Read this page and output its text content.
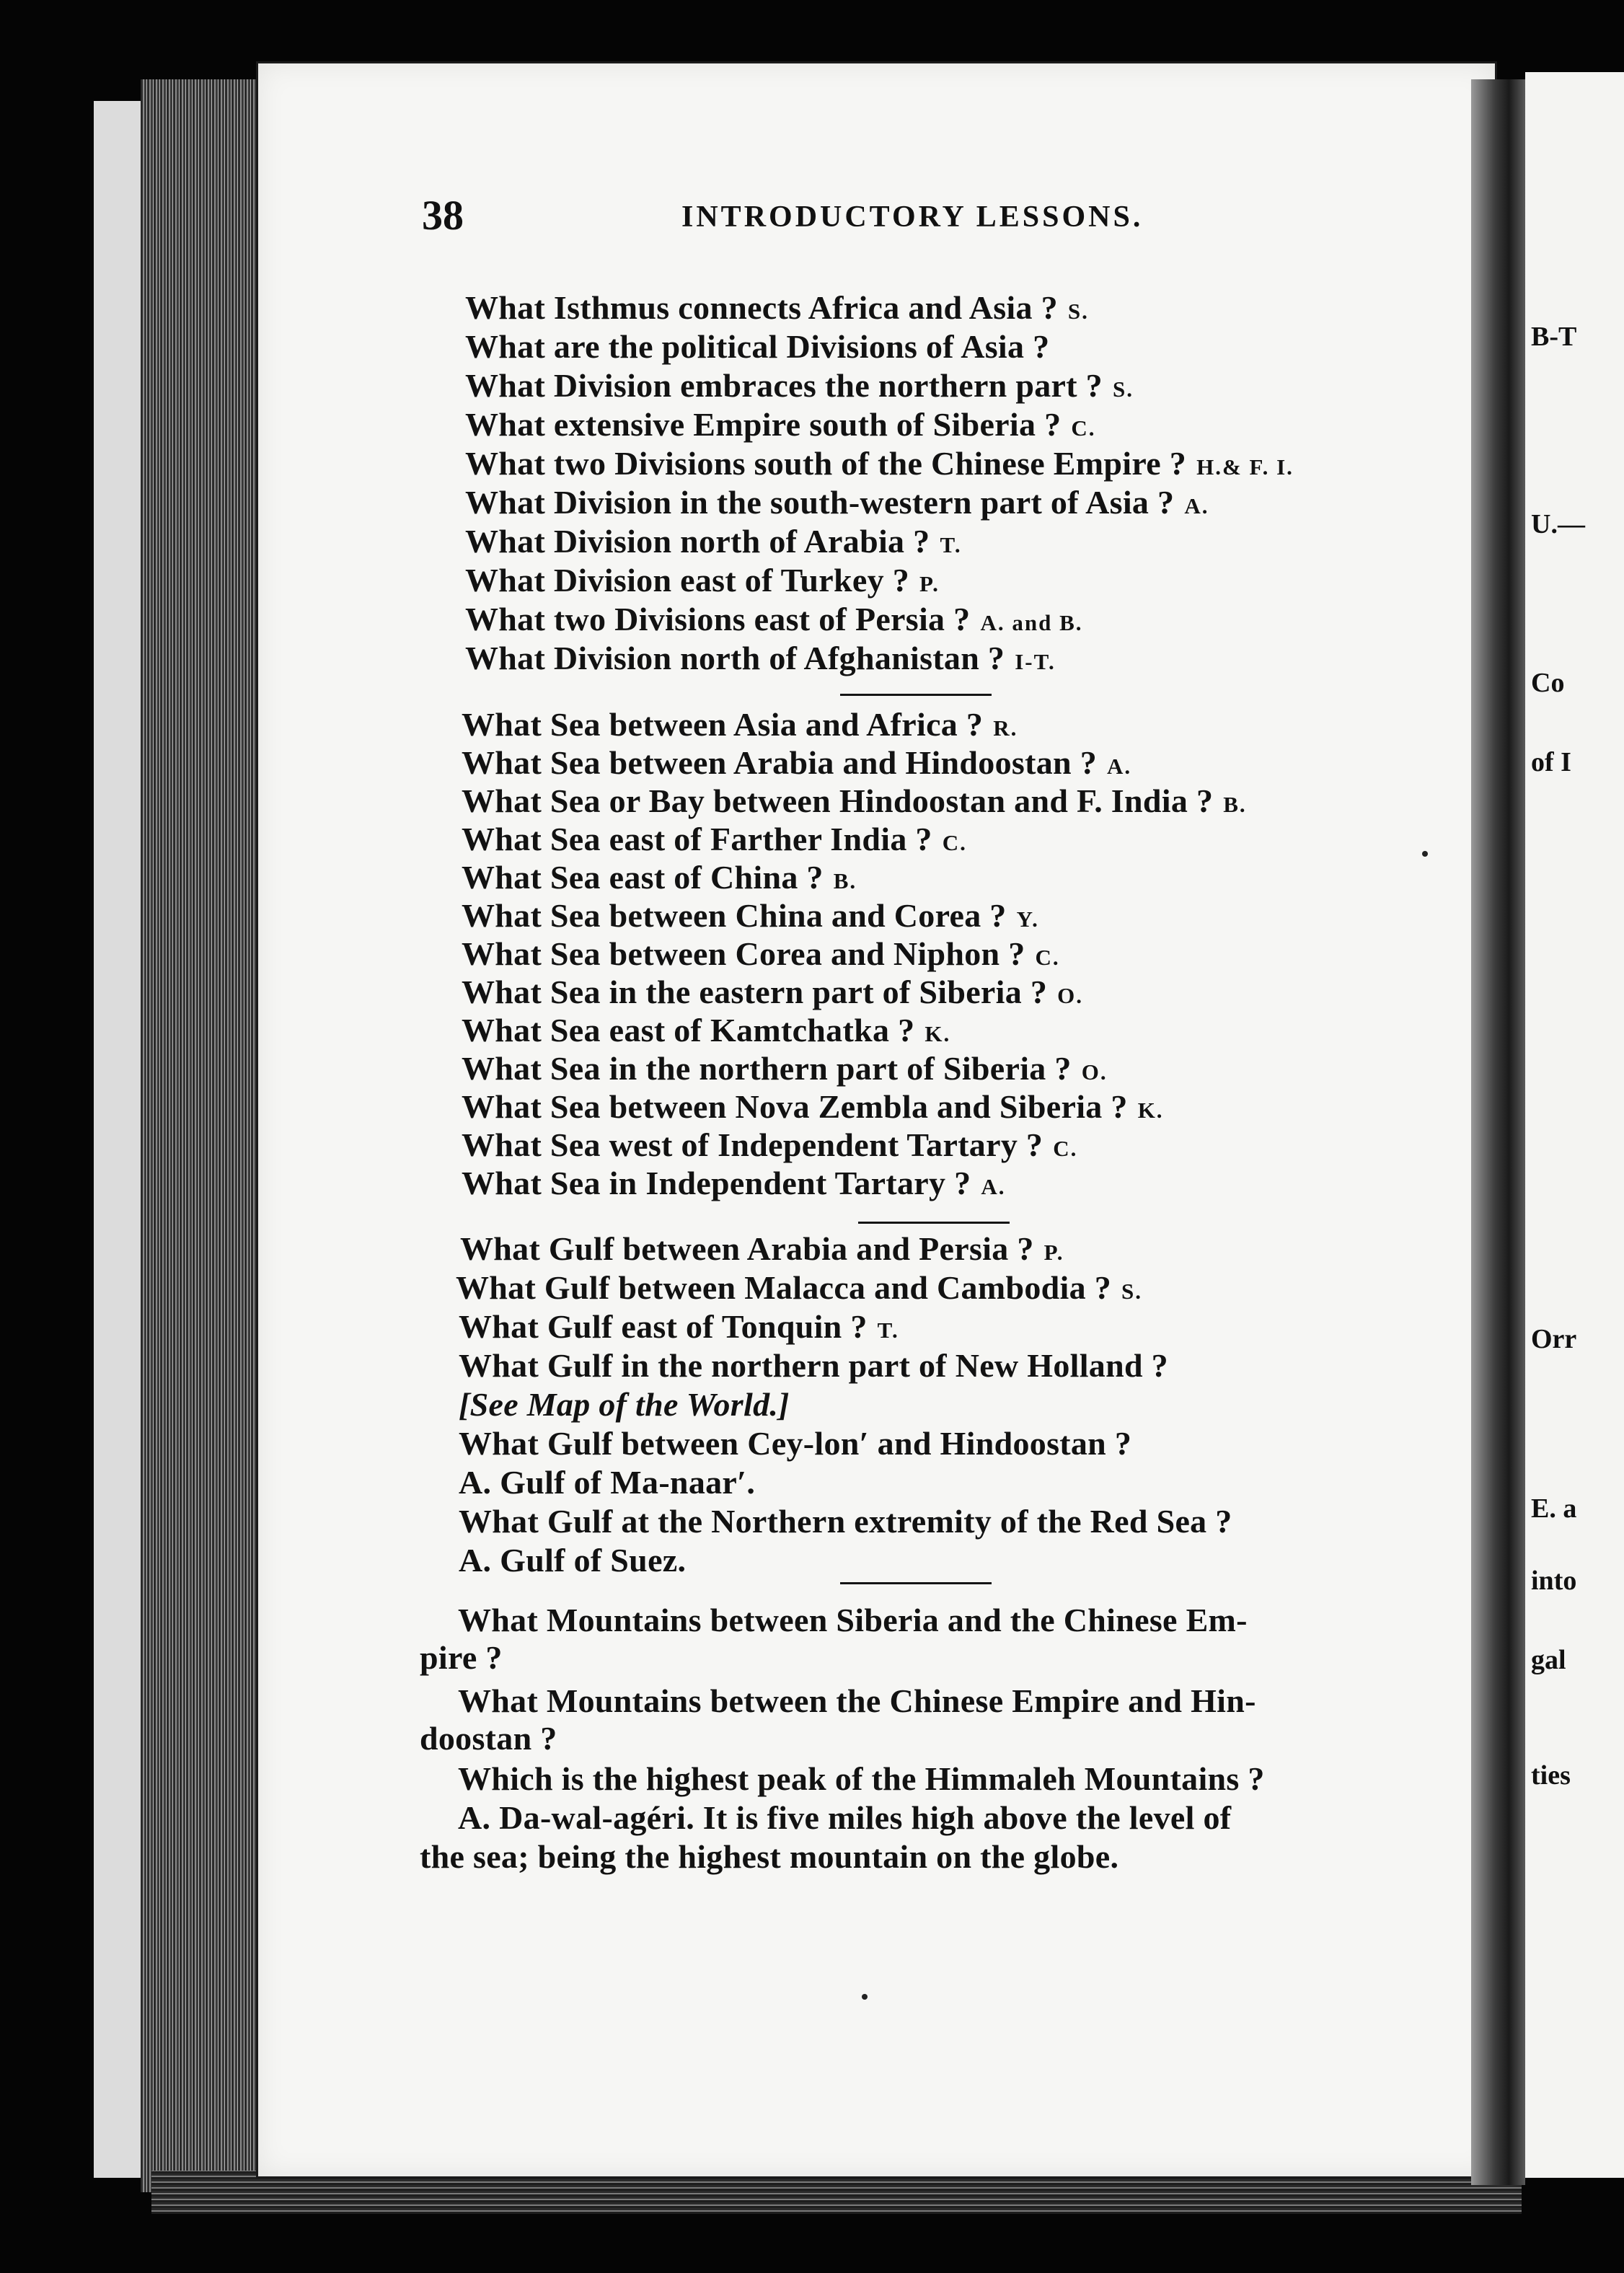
B-T
U.—
Co
of I
Orr
E. a
into
gal
ties
38	INTRODUCTORY LESSONS.
What Isthmus connects Africa and Asia ? S.
What are the political Divisions of Asia ?
What Division embraces the northern part ? S.
What extensive Empire south of Siberia ? C.
What two Divisions south of the Chinese Empire ? H.& F. I.
What Division in the south-western part of Asia ? A.
What Division north of Arabia ? T.
What Division east of Turkey ? P.
What two Divisions east of Persia ? A. and B.
What Division north of Afghanistan ? I-T.
What Sea between Asia and Africa ? R.
What Sea between Arabia and Hindoostan ? A.
What Sea or Bay between Hindoostan and F. India ? B.
What Sea east of Farther India ? C.
What Sea east of China ? B.
What Sea between China and Corea ? Y.
What Sea between Corea and Niphon ? C.
What Sea in the eastern part of Siberia ? O.
What Sea east of Kamtchatka ? K.
What Sea in the northern part of Siberia ? O.
What Sea between Nova Zembla and Siberia ? K.
What Sea west of Independent Tartary ? C.
What Sea in Independent Tartary ? A.
What Gulf between Arabia and Persia ? P.
What Gulf between Malacca and Cambodia ? S.
What Gulf east of Tonquin ? T.
What Gulf in the northern part of New Holland ?
[See Map of the World.]
What Gulf between Cey-lon′ and Hindoostan ?
A. Gulf of Ma-naar′.
What Gulf at the Northern extremity of the Red Sea ?
A. Gulf of Suez.
What Mountains between Siberia and the Chinese Em-
pire ?
What Mountains between the Chinese Empire and Hin-
doostan ?
Which is the highest peak of the Himmaleh Mountains ?
A. Da-wal-agéri. It is five miles high above the level of
the sea; being the highest mountain on the globe.
